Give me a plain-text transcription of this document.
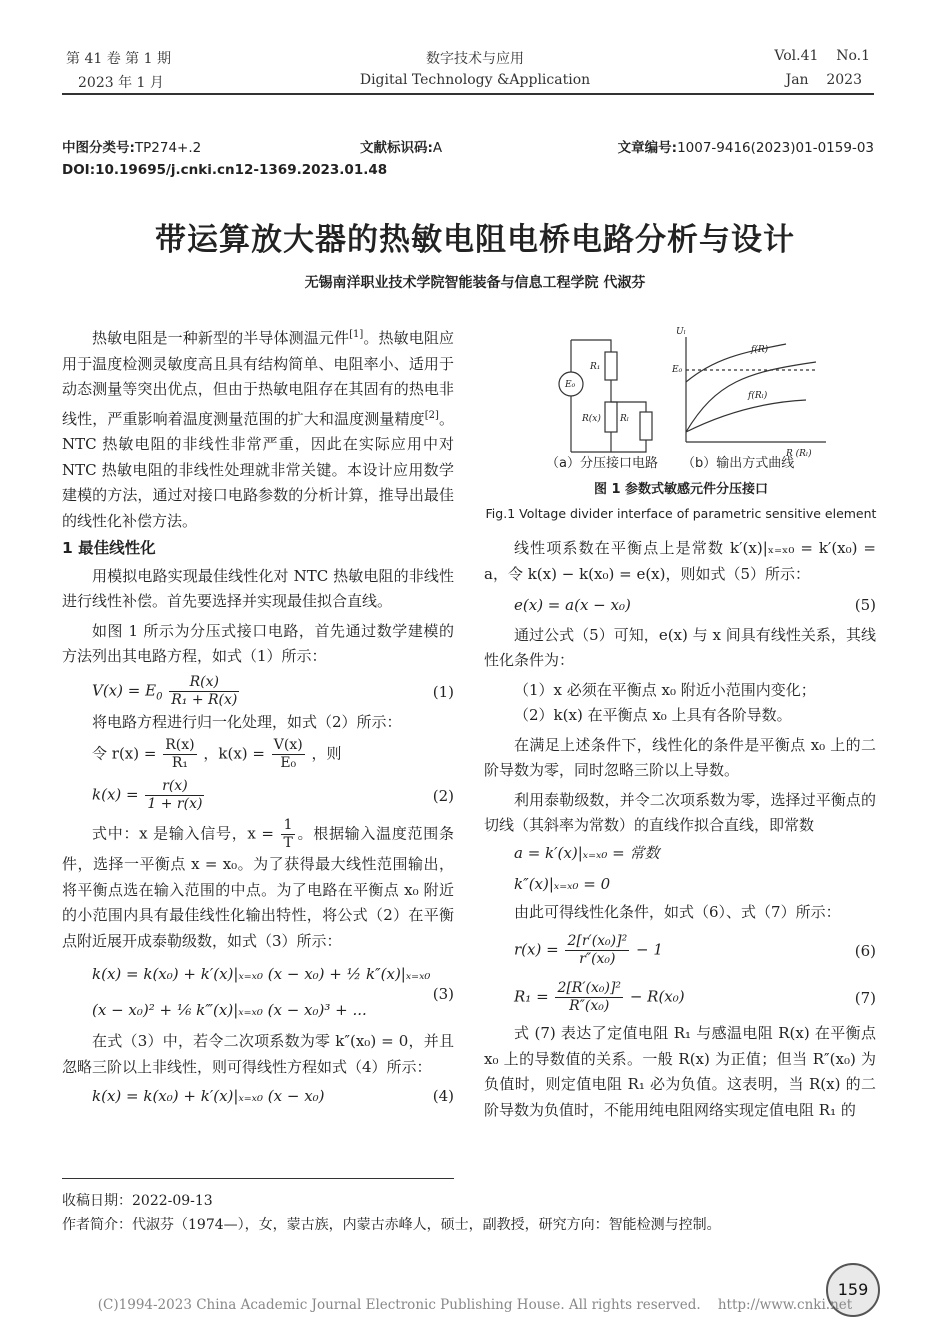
第 41 卷 第 1 期
2023 年 1 月
数字技术与应用
Digital Technology &Application
Vol.41    No.1
Jan    2023
中图分类号:TP274+.2	文献标识码:A	文章编号:1007-9416(2023)01-0159-03
DOI:10.19695/j.cnki.cn12-1369.2023.01.48
带运算放大器的热敏电阻电桥电路分析与设计
无锡南洋职业技术学院智能装备与信息工程学院 代淑芬

热敏电阻是一种新型的半导体测温元件[1]。热敏电阻应用于温度检测灵敏度高且具有结构简单、电阻率小、适用于动态测量等突出优点，但由于热敏电阻存在其固有的热电非线性，严重影响着温度测量范围的扩大和温度测量精度[2]。NTC 热敏电阻的非线性非常严重，因此在实际应用中对 NTC 热敏电阻的非线性处理就非常关键。本设计应用数学建模的方法，通过对接口电路参数的分析计算，推导出最佳的线性化补偿方法。

1 最佳线性化

用模拟电路实现最佳线性化对 NTC 热敏电阻的非线性进行线性补偿。首先要选择并实现最佳拟合直线。

如图 1 所示为分压式接口电路，首先通过数学建模的方法列出其电路方程，如式（1）所示：

$V(x) = E_0 \frac{R(x)}{\text{R₁ + R(x)}}$	(1)

将电路方程进行归一化处理，如式（2）所示：

令 $r(x) = \frac{R(x)}{\text{R₁}}$ ，$k(x) = \frac{V(x)}{\text{E₀}}$ ，则
$k(x) = \frac{r(x)}{1 + r(x)}$	(2)

式中：x 是输入信号，$x = \frac{1}{T}$ 。根据输入温度范围条件，选择一平衡点 x = x₀。为了获得最大线性范围输出，将平衡点选在输入范围的中点。为了电路在平衡点 x₀ 附近的小范围内具有最佳线性化输出特性，将公式（2）在平衡点附近展开成泰勒级数，如式（3）所示：

k(x) = k(x₀) + k′(x)|ₓ₌ₓ₀ (x − x₀) + ½ k″(x)|ₓ₌ₓ₀
(x − x₀)² + ⅙ k‴(x)|ₓ₌ₓ₀ (x − x₀)³ + ...
(3)

在式（3）中，若令二次项系数为零 k″(x₀) = 0，并且忽略三阶以上非线性，则可得线性方程如式（4）所示：

k(x) = k(x₀) + k′(x)|ₓ₌ₓ₀ (x − x₀)	(4)
E₀
R₁
R(x) Rₗ
Uₗ
E₀
f(R)
f(Rₗ)
R (Rₗ)
（a）分压接口电路 （b）输出方式曲线
图 1 参数式敏感元件分压接口
Fig.1 Voltage divider interface of parametric sensitive element

线性项系数在平衡点上是常数 k′(x)|ₓ₌ₓ₀ = k′(x₀) = a，令 k(x) − k(x₀) = e(x)，则如式（5）所示：

e(x) = a(x − x₀)	(5)

通过公式（5）可知，e(x) 与 x 间具有线性关系，其线性化条件为：

（1）x 必须在平衡点 x₀ 附近小范围内变化；

（2）k(x) 在平衡点 x₀ 上具有各阶导数。

在满足上述条件下，线性化的条件是平衡点 x₀ 上的二阶导数为零，同时忽略三阶以上导数。

利用泰勒级数，并令二次项系数为零，选择过平衡点的切线（其斜率为常数）的直线作拟合直线，即常数

a = k′(x)|ₓ₌ₓ₀ = 常数
k″(x)|ₓ₌ₓ₀ = 0

由此可得线性化条件，如式（6）、式（7）所示：

$r(x) = \frac{\text{2[r′(x₀)]²}}{\text{r″(x₀)}} - 1$	(6)
$R_1 = \frac{\text{2[R′(x₀)]²}}{\text{R″(x₀)}} - R(x_0)$	(7)

式 (7) 表达了定值电阻 R₁ 与感温电阻 R(x) 在平衡点 x₀ 上的导数值的关系。一般 R(x) 为正值；但当 R″(x₀) 为负值时，则定值电阻 R₁ 必为负值。这表明，当 R(x) 的二阶导数为负值时，不能用纯电阻网络实现定值电阻 R₁ 的

收稿日期：2022-09-13
作者简介：代淑芬（1974—），女，蒙古族，内蒙古赤峰人，硕士，副教授，研究方向：智能检测与控制。
159
(C)1994-2023 China Academic Journal Electronic Publishing House. All rights reserved.    http://www.cnki.net
